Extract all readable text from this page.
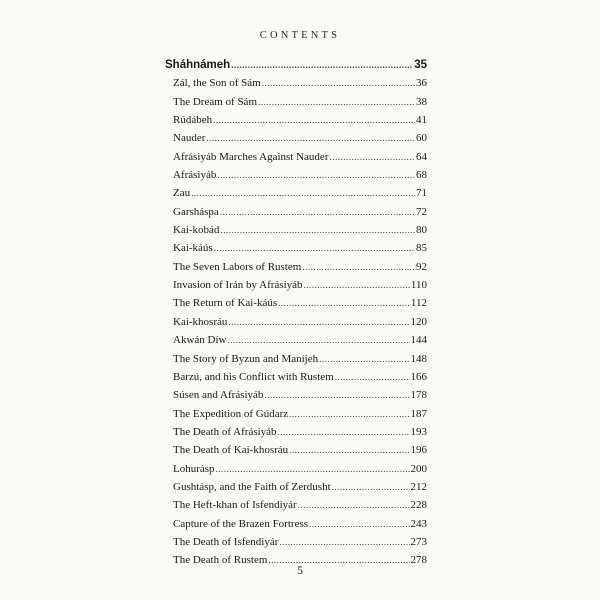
CONTENTS
Sháhnámeh .....	35
Zál, the Son of Sám .....	36
The Dream of Sám .....	38
Rúdábeh .....	41
Nauder .....	60
Afrásiyáb Marches Against Nauder .....	64
Afrásiyáb .....	68
Zau .....	71
Garsháspa .....	72
Kai-kobád .....	80
Kai-káús .....	85
The Seven Labors of Rustem .....	92
Invasion of Irán by Afrásiyáb .....	110
The Return of Kai-káús .....	112
Kai-khosráu .....	120
Akwán Díw .....	144
The Story of Byzun and Maníjeh .....	148
Barzú, and his Conflict with Rustem .....	166
Súsen and Afrásiyáb .....	178
The Expedition of Gúdarz .....	187
The Death of Afrásiyáb .....	193
The Death of Kai-khosráu .....	196
Lohurásp .....	200
Gushtásp, and the Faith of Zerdusht .....	212
The Heft-khan of Isfendiyár .....	228
Capture of the Brazen Fortress .....	243
The Death of Isfendiyár .....	273
The Death of Rustem .....	278
5
